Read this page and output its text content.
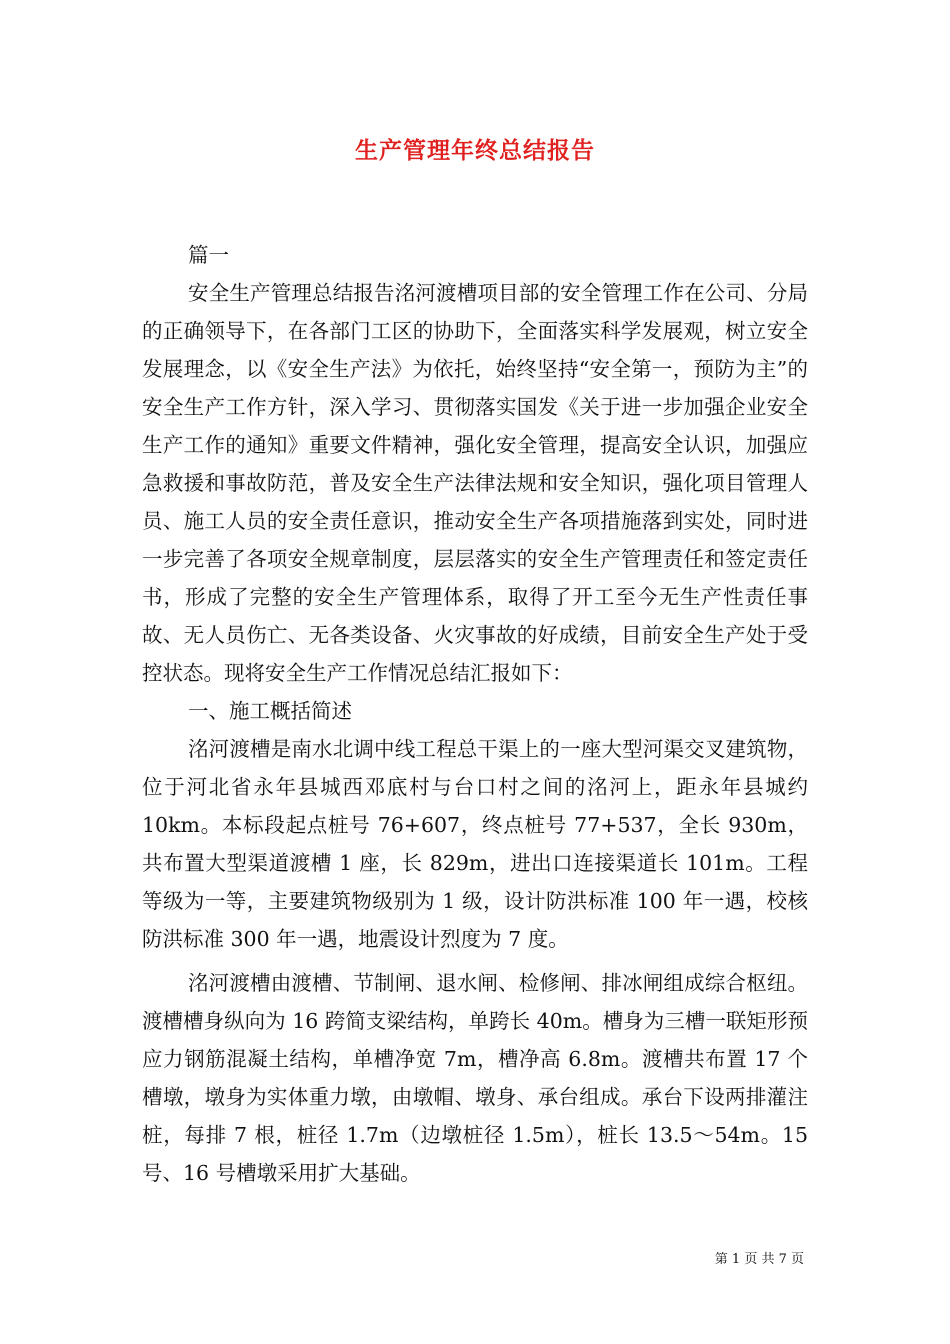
生产管理年终总结报告

篇一

安全生产管理总结报告洺河渡槽项目部的安全管理工作在公司、分局的正确领导下，在各部门工区的协助下，全面落实科学发展观，树立安全发展理念，以《安全生产法》为依托，始终坚持“安全第一，预防为主”的安全生产工作方针，深入学习、贯彻落实国发《关于进一步加强企业安全生产工作的通知》重要文件精神，强化安全管理，提高安全认识，加强应急救援和事故防范，普及安全生产法律法规和安全知识，强化项目管理人员、施工人员的安全责任意识，推动安全生产各项措施落到实处，同时进一步完善了各项安全规章制度，层层落实的安全生产管理责任和签定责任书，形成了完整的安全生产管理体系，取得了开工至今无生产性责任事故、无人员伤亡、无各类设备、火灾事故的好成绩，目前安全生产处于受控状态。现将安全生产工作情况总结汇报如下：

一、施工概括简述

洺河渡槽是南水北调中线工程总干渠上的一座大型河渠交叉建筑物，位于河北省永年县城西邓底村与台口村之间的洺河上，距永年县城约 10km。本标段起点桩号 76+607，终点桩号 77+537，全长 930m，共布置大型渠道渡槽 1 座，长 829m，进出口连接渠道长 101m。工程等级为一等，主要建筑物级别为 1 级，设计防洪标准 100 年一遇，校核防洪标准 300 年一遇，地震设计烈度为 7 度。

洺河渡槽由渡槽、节制闸、退水闸、检修闸、排冰闸组成综合枢纽。渡槽槽身纵向为 16 跨简支梁结构，单跨长 40m。槽身为三槽一联矩形预应力钢筋混凝土结构，单槽净宽 7m，槽净高 6.8m。渡槽共布置 17 个槽墩，墩身为实体重力墩，由墩帽、墩身、承台组成。承台下设两排灌注桩，每排 7 根，桩径 1.7m（边墩桩径 1.5m），桩长 13.5～54m。15 号、16 号槽墩采用扩大基础。

第 1 页 共 7 页
